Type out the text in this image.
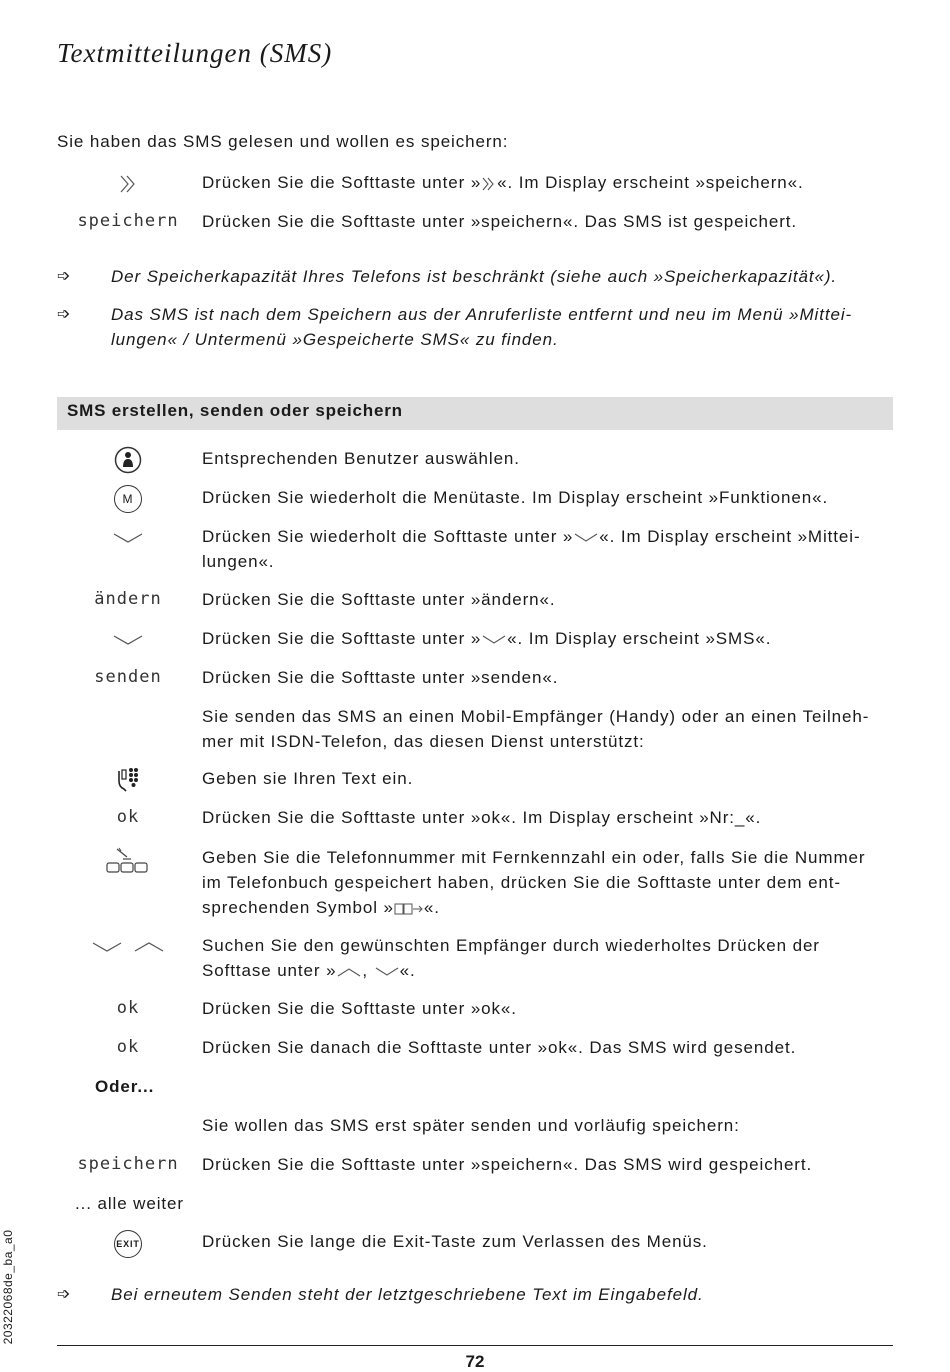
Textmitteilungen (SMS)
Sie haben das SMS gelesen und wollen es speichern:
Drücken Sie die Softtaste unter » «. Im Display erscheint »speichern«.
speichern	Drücken Sie die Softtaste unter »speichern«. Das SMS ist gespeichert.
➩ Der Speicherkapazität Ihres Telefons ist beschränkt (siehe auch »Speicherkapazität«).
➩ Das SMS ist nach dem Speichern aus der Anruferliste entfernt und neu im Menü »Mittei-lungen« / Untermenü »Gespeicherte SMS« zu finden.
SMS erstellen, senden oder speichern
Entsprechenden Benutzer auswählen.
M	Drücken Sie wiederholt die Menütaste. Im Display erscheint »Funktionen«.
Drücken Sie wiederholt die Softtaste unter » «. Im Display erscheint »Mittei-
lungen«.
ändern	Drücken Sie die Softtaste unter »ändern«.
Drücken Sie die Softtaste unter » «. Im Display erscheint »SMS«.
senden	Drücken Sie die Softtaste unter »senden«.
Sie senden das SMS an einen Mobil-Empfänger (Handy) oder an einen Teilneh-
mer mit ISDN-Telefon, das diesen Dienst unterstützt:
Geben sie Ihren Text ein.
ok	Drücken Sie die Softtaste unter »ok«. Im Display erscheint »Nr:_«.
Geben Sie die Telefonnummer mit Fernkennzahl ein oder, falls Sie die Nummer
im Telefonbuch gespeichert haben, drücken Sie die Softtaste unter dem ent-
sprechenden Symbol » «.
Suchen Sie den gewünschten Empfänger durch wiederholtes Drücken der
Softtase unter » , «.
ok	Drücken Sie die Softtaste unter »ok«.
ok	Drücken Sie danach die Softtaste unter »ok«. Das SMS wird gesendet.
Oder...
Sie wollen das SMS erst später senden und vorläufig speichern:
speichern	Drücken Sie die Softtaste unter »speichern«. Das SMS wird gespeichert.
... alle weiter
EXIT	Drücken Sie lange die Exit-Taste zum Verlassen des Menüs.
➩ Bei erneutem Senden steht der letztgeschriebene Text im Eingabefeld.
20322068de_ba_a0
72
